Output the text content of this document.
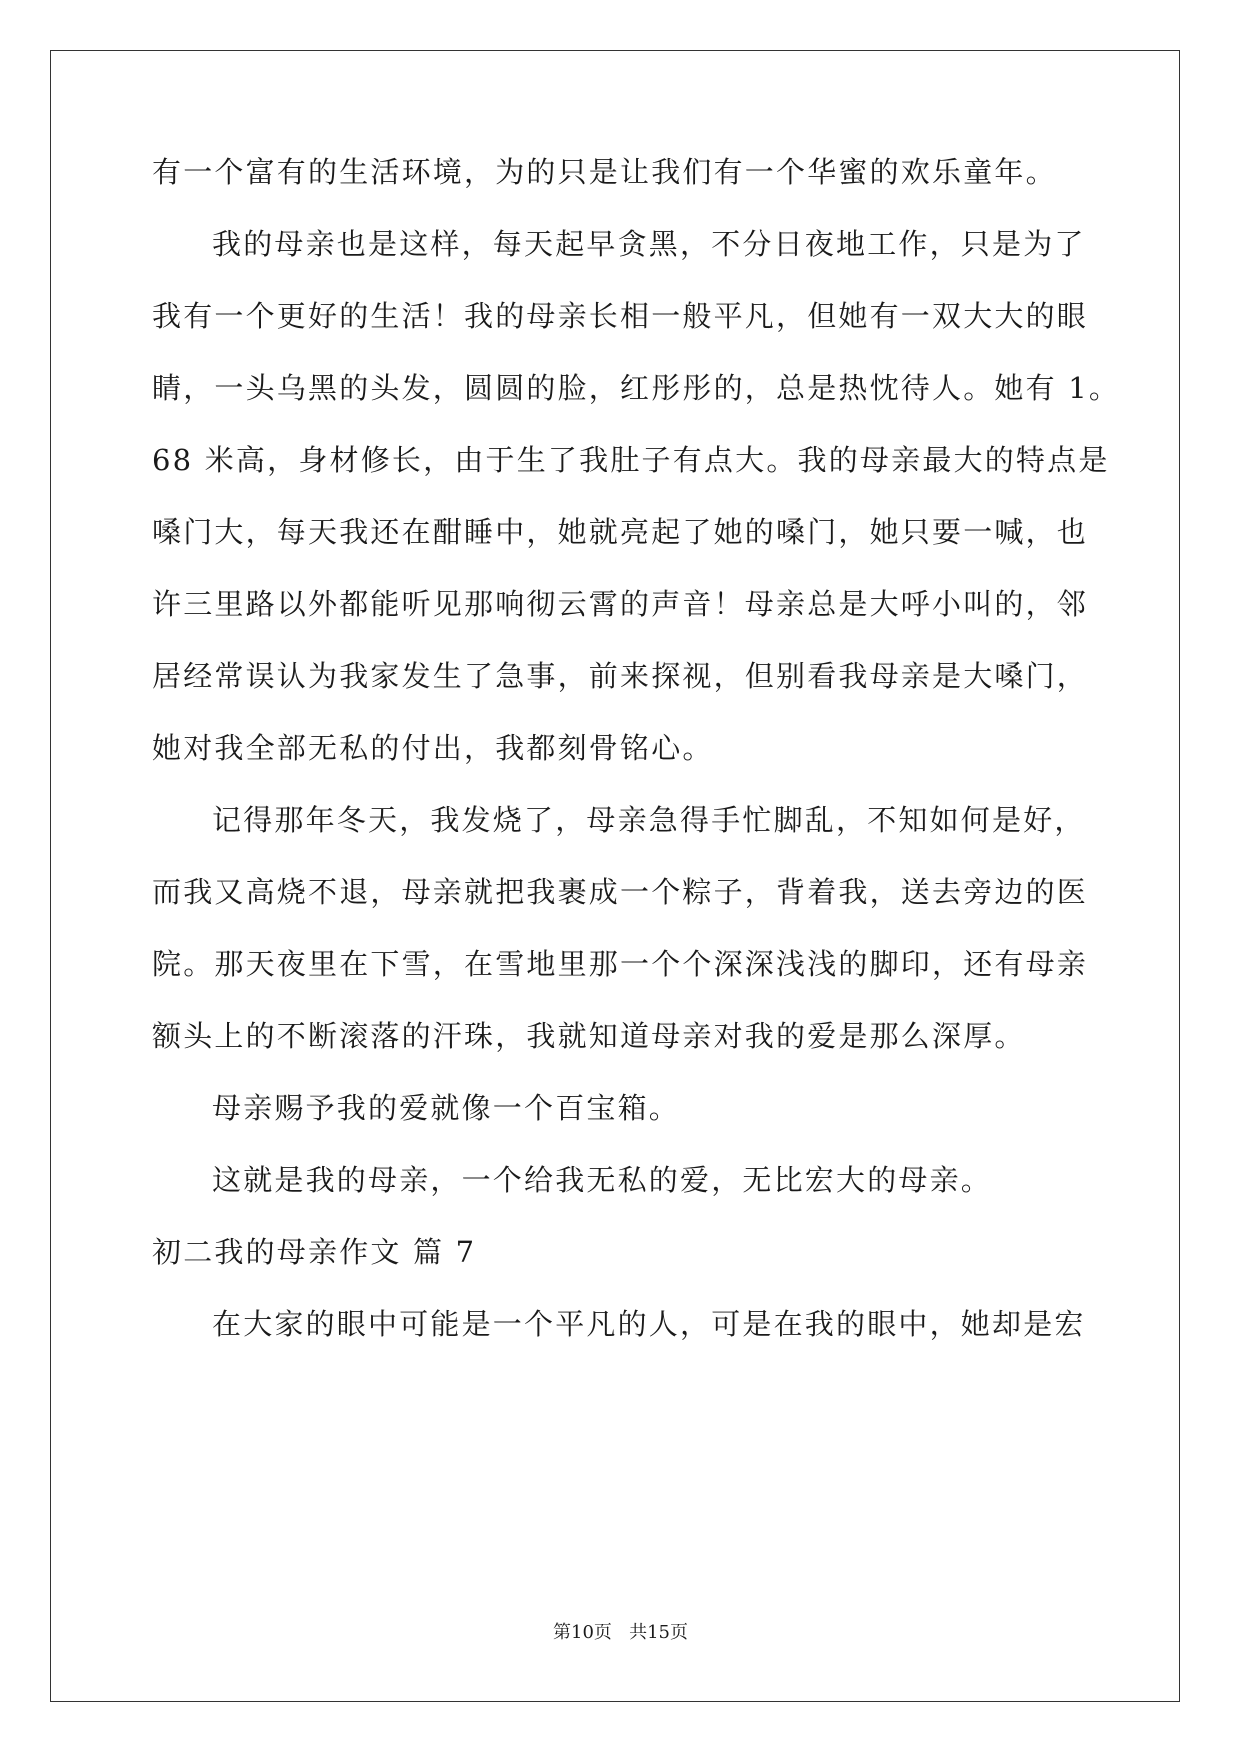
有一个富有的生活环境，为的只是让我们有一个华蜜的欢乐童年。
我的母亲也是这样，每天起早贪黑，不分日夜地工作，只是为了
我有一个更好的生活！我的母亲长相一般平凡，但她有一双大大的眼
睛，一头乌黑的头发，圆圆的脸，红彤彤的，总是热忱待人。她有 1。
68 米高，身材修长，由于生了我肚子有点大。我的母亲最大的特点是
嗓门大，每天我还在酣睡中，她就亮起了她的嗓门，她只要一喊，也
许三里路以外都能听见那响彻云霄的声音！母亲总是大呼小叫的，邻
居经常误认为我家发生了急事，前来探视，但别看我母亲是大嗓门，
她对我全部无私的付出，我都刻骨铭心。
记得那年冬天，我发烧了，母亲急得手忙脚乱，不知如何是好，
而我又高烧不退，母亲就把我裹成一个粽子，背着我，送去旁边的医
院。那天夜里在下雪，在雪地里那一个个深深浅浅的脚印，还有母亲
额头上的不断滚落的汗珠，我就知道母亲对我的爱是那么深厚。
母亲赐予我的爱就像一个百宝箱。
这就是我的母亲，一个给我无私的爱，无比宏大的母亲。
初二我的母亲作文 篇 7
在大家的眼中可能是一个平凡的人，可是在我的眼中，她却是宏
第10页   共15页
